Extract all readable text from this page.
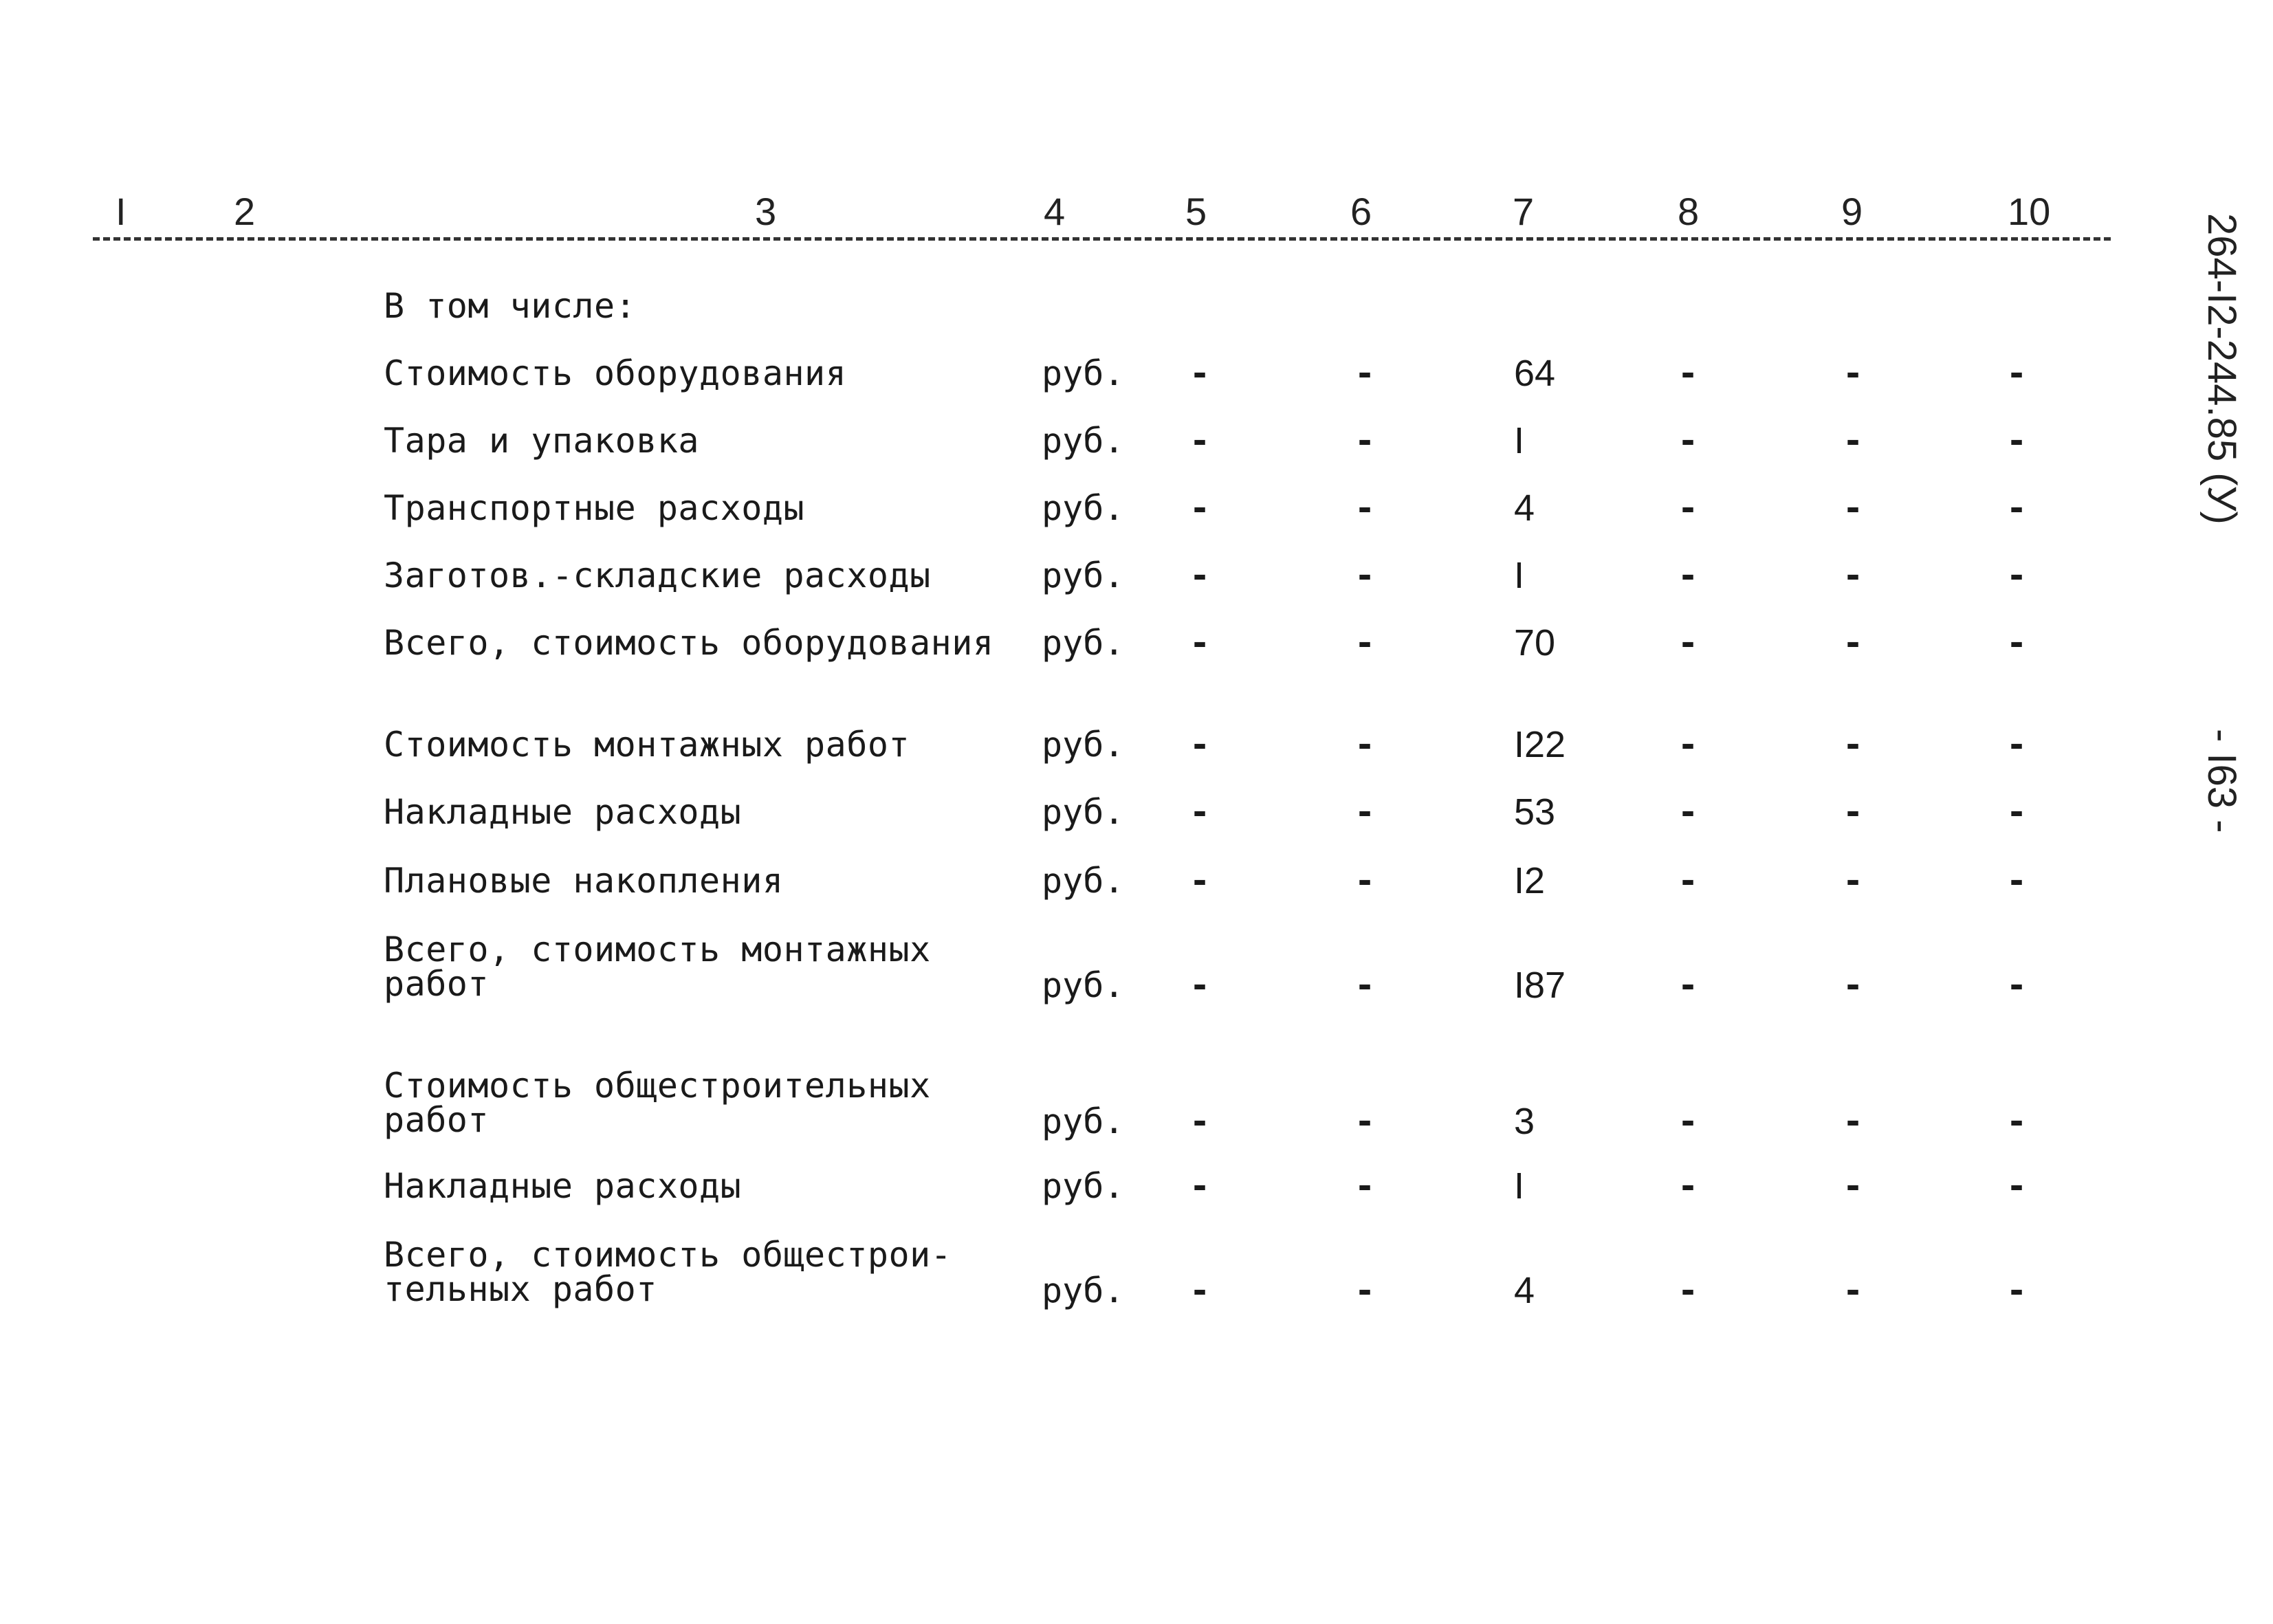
I	2	3	4	5	6	7	8	9	10
В том числе:
Стоимость оборудования	руб. -	-	64	-	-	-
Тара и упаковка	руб. -	-	I	-	-	-
Транспортные расходы	руб. -	-	4	-	-	-
Заготов.-складские расходы	руб. -	-	I	-	-	-
Всего, стоимость оборудования	руб. -	-	70	-	-	-
Стоимость монтажных работ	руб. -	-	I22	-	-	-
Накладные расходы	руб. -	-	53	-	-	-
Плановые накопления	руб. -	-	I2	-	-	-
Всего, стоимость монтажных
работ	руб. -	-	I87	-	-	-
Стоимость общестроительных
работ	руб. -	-	3	-	-	-
Накладные расходы	руб. -	-	I	-	-	-
Всего, стоимость общестрои-
тельных работ	руб. -	-	4	-	-	-
264-I2-244.85 (У)
- I63 -
